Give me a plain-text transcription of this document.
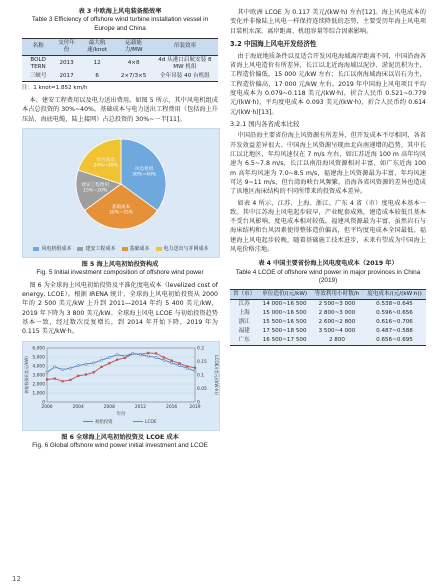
表 3 中欧海上风电装备船效率
Table 3 Efficiency of offshore wind turbine installation vessel in Europe and China
名称	交付年份	最大航速/knot	运载能力/MW	吊装效率
BOLD TERN	2013	12	4×8	4d 从港口启航安装 8 MW 机组
三峡号	2017	6	2×7/3×5	全年吊装 40 台机组
注：1 knot=1.852 km/h

本、建安工程费用以及电力送出费用。如图 5 所示，其中风电机组成本占总投资的 30%~40%。基础成本与电力送出工程费用（包括海上升压站、海底电缆、陆上接网）占总投资的 30%~一半[11]。

风电机组 30%~40%
基础成本 30%~35%
建安工程费用 15%~20%
电力送出 20%~30%
风电机组成本	建安工程成本	基础成本	电力送出与并网成本
图 5 海上风电初始投资构成
Fig. 5 Initial investment composition of offshore wind power

图 6 为全球海上风电初始投资及平准化度电成本（levelized cost of energy, LCOE）。根据 IRENA 统计，全球海上风电初始投资从 2000 年的 2 500 美元/kW 上升到 2011—2014 年约 5 400 美元/kW，2019 年下降为 3 800 美元/kW。全球海上风电 LCOE 与初始投资趋势基本一致，经过数次反复增长，到 2014 年开始下降，2019 年为 0.115 美元/kW·h。

0
1,000
2,000
3,000
4,000
5,000
6,000
0
0.05
0.1
0.15
0.2
2000	2004	2008	2012	2016	2019
初始投资/(美元/kW)	LCOE/(美元/(kW·h))
年份
初始投资	LCOE
图 6 全球海上风电初始投资及 LCOE 成本
Fig. 6 Global offshore wind power initial investment and LCOE

其中欧洲 LCOE 为 0.117 美元/(kW·h) 左右[12]。海上风电成本的变化并非像陆上风电一样保持连续降低的态势，主要受历年海上风电项目装机水深、离岸距离、机组容量等综合因素影响。

3.2 中国海上风电开发经济性

由于海底地质条件以及适合开发风电海域离岸距离不同，中国沿海各省海上风电造价有所差异，长江以北近海海域以泥沙、淤泥沉积为主，工程造价偏低，15 000 元/kW 左右；长江以南海域海床以岩石为主，工程造价偏高，17 000 元/kW 左右。2019 年中国海上风电项目平均度电成本为 0.079~0.118 美元/(kW·h)，折合人民币 0.521~0.779 元/(kW·h)，平均度电成本 0.093 美元/(kW·h)，折合人民币约 0.614 元/(kW·h)[13]。

3.2.1 国内各省成本比较

中国沿海主要省份海上风资源有所差异，但开发成本不尽相同，各省开发效益差异很大。中国海上风资源呈现由北向南递增的趋势，其中长江以北地区，年均风速仅在 7 m/s 左右，如江苏近海 100 m 高年均风速为 6.5~7.8 m/s，长江以南沿海风资源相对丰富，如广东近海 100 m 高年均风速为 7.0~8.5 m/s，福建海上风资源最为丰富，年均风速可达 9~11 m/s，但台湾海峡台风频繁，沿海各省风资源的差异也造成了该地区海床结构的不同所带来的投资成本差异。

如表 4 所示，江苏、上海、浙江、广东 4 省（市）度电成本基本一致。其中江苏海上风电起步较早，产业配套成熟，建造成本较低且基本不受台风影响，度电成本相对较低。福建风资源最为丰富，虽然岩石与海床结构和台风因素使得整体造价偏高，但平均度电成本全国最低。福建海上风电起步较晚，随着基础施工技术进步，未来有望成为中国海上风电价格洼地。

表 4 中国主要省份海上风电度电成本（2019 年）
Table 4 LCOE of offshore wind power in major provinces in China (2019)
省（市）	单位造价/(元/kW)	等效利用小时数/h	度电成本/(元/(kW·h))
江苏	14 000~16 500	2 500~3 000	0.538~0.645
上海	15 000~16 500	2 800~3 000	0.596~0.656
浙江	15 500~16 500	2 600~2 800	0.616~0.706
福建	17 500~18 500	3 500~4 000	0.487~0.588
广东	16 500~17 500	2 800	0.656~0.695
12
